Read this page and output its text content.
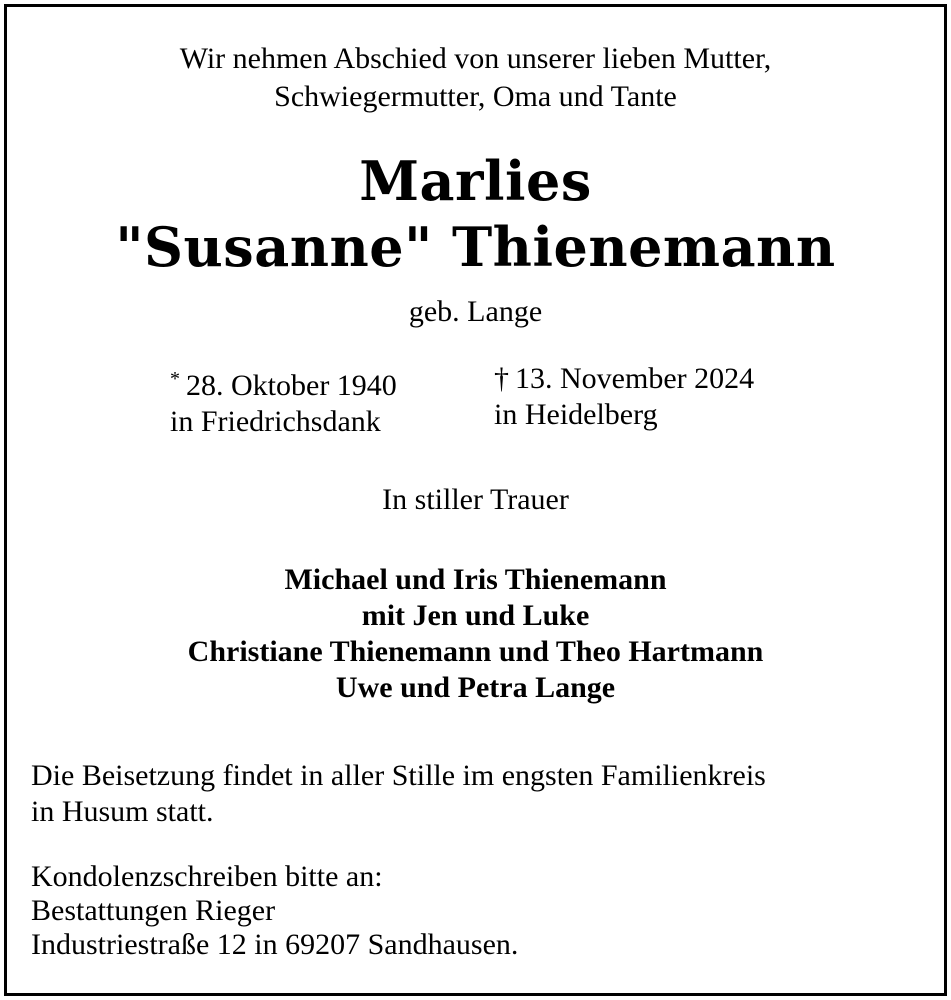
Wir nehmen Abschied von unserer lieben Mutter,
Schwiegermutter, Oma und Tante
Marlies
"Susanne" Thienemann
geb. Lange
* 28. Oktober 1940
in Friedrichsdank
† 13. November 2024
in Heidelberg
In stiller Trauer
Michael und Iris Thienemann
mit Jen und Luke
Christiane Thienemann und Theo Hartmann
Uwe und Petra Lange
Die Beisetzung findet in aller Stille im engsten Familienkreis
in Husum statt.
Kondolenzschreiben bitte an:
Bestattungen Rieger
Industriestraße 12 in 69207 Sandhausen.
